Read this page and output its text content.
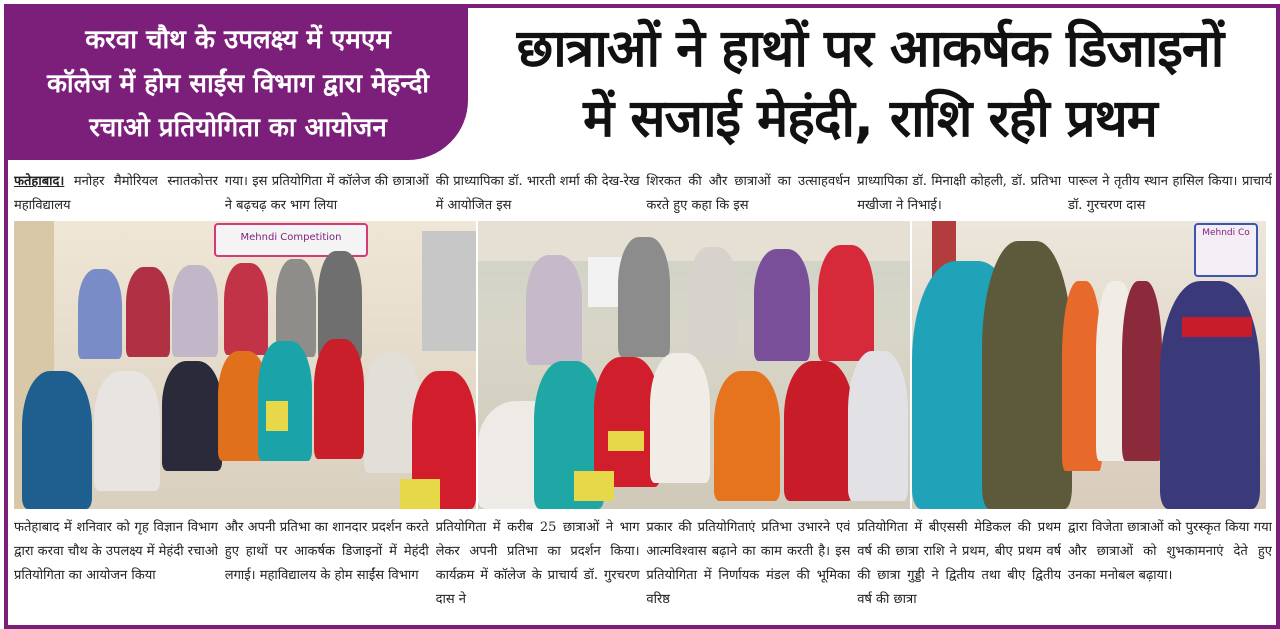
करवा चौथ के उपलक्ष्य में एमएम
कॉलेज में होम साईंस विभाग द्वारा मेहन्दी
रचाओ प्रतियोगिता का आयोजन
छात्राओं ने हाथों पर आकर्षक डिजाइनों
में सजाई मेहंदी, राशि रही प्रथम
फतेहाबाद। मनोहर मैमोरियल स्नातकोत्तर महाविद्यालय
गया। इस प्रतियोगिता में कॉलेज की छात्राओं ने बढ़चढ़ कर भाग लिया
की प्राध्यापिका डॉ. भारती शर्मा की देख-रेख में आयोजित इस
शिरकत की और छात्राओं का उत्साहवर्धन करते हुए कहा कि इस
प्राध्यापिका डॉ. मिनाक्षी कोहली, डॉ. प्रतिभा मखीजा ने निभाई।
पारूल ने तृतीय स्थान हासिल किया। प्राचार्य डॉ. गुरचरण दास
Mehndi Competition	Mehndi Co
फतेहाबाद में शनिवार को गृह विज्ञान विभाग द्वारा करवा चौथ के उपलक्ष्य में मेहंदी रचाओ प्रतियोगिता का आयोजन किया
और अपनी प्रतिभा का शानदार प्रदर्शन करते हुए हाथों पर आकर्षक डिजाइनों में मेहंदी लगाई। महाविद्यालय के होम साईंस विभाग
प्रतियोगिता में करीब 25 छात्राओं ने भाग लेकर अपनी प्रतिभा का प्रदर्शन किया। कार्यक्रम में कॉलेज के प्राचार्य डॉ. गुरचरण दास ने
प्रकार की प्रतियोगिताएं प्रतिभा उभारने एवं आत्मविश्वास बढ़ाने का काम करती है। इस प्रतियोगिता में निर्णायक मंडल की भूमिका वरिष्ठ
प्रतियोगिता में बीएससी मेडिकल की प्रथम वर्ष की छात्रा राशि ने प्रथम, बीए प्रथम वर्ष की छात्रा गुड्डी ने द्वितीय तथा बीए द्वितीय वर्ष की छात्रा
द्वारा विजेता छात्राओं को पुरस्कृत किया गया और छात्राओं को शुभकामनाएं देते हुए उनका मनोबल बढ़ाया।
